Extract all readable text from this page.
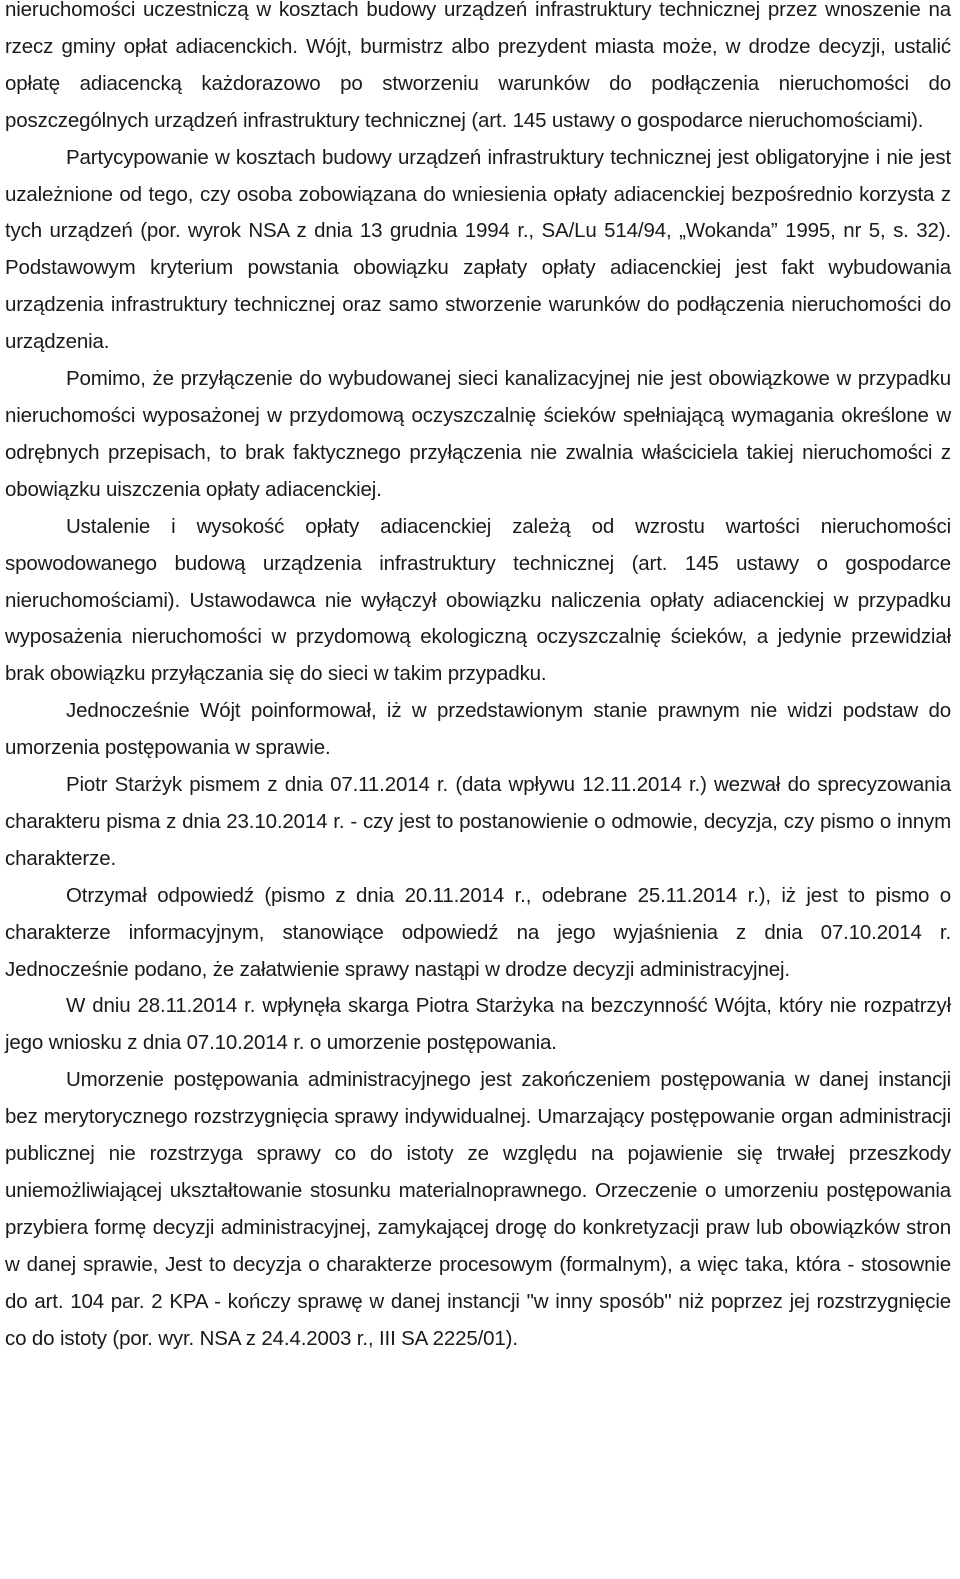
nieruchomości uczestniczą w kosztach budowy urządzeń infrastruktury technicznej przez wnoszenie na rzecz gminy opłat adiacenckich. Wójt, burmistrz albo prezydent miasta może, w drodze decyzji, ustalić opłatę adiacencką każdorazowo po stworzeniu warunków do podłączenia nieruchomości do poszczególnych urządzeń infrastruktury technicznej (art. 145 ustawy o gospodarce nieruchomościami).

Partycypowanie w kosztach budowy urządzeń infrastruktury technicznej jest obligatoryjne i nie jest uzależnione od tego, czy osoba zobowiązana do wniesienia opłaty adiacenckiej bezpośrednio korzysta z tych urządzeń (por. wyrok NSA z dnia 13 grudnia 1994 r., SA/Lu 514/94, „Wokanda” 1995, nr 5, s. 32). Podstawowym kryterium powstania obowiązku zapłaty opłaty adiacenckiej jest fakt wybudowania urządzenia infrastruktury technicznej oraz samo stworzenie warunków do podłączenia nieruchomości do urządzenia.

Pomimo, że przyłączenie do wybudowanej sieci kanalizacyjnej nie jest obowiązkowe w przypadku nieruchomości wyposażonej w przydomową oczyszczalnię ścieków spełniającą wymagania określone w odrębnych przepisach, to brak faktycznego przyłączenia nie zwalnia właściciela takiej nieruchomości z obowiązku uiszczenia opłaty adiacenckiej.

Ustalenie i wysokość opłaty adiacenckiej zależą od wzrostu wartości nieruchomości spowodowanego budową urządzenia infrastruktury technicznej (art. 145 ustawy o gospodarce nieruchomościami). Ustawodawca nie wyłączył obowiązku naliczenia opłaty adiacenckiej w przypadku wyposażenia nieruchomości w przydomową ekologiczną oczyszczalnię ścieków, a jedynie przewidział brak obowiązku przyłączania się do sieci w takim przypadku.

Jednocześnie Wójt poinformował, iż w przedstawionym stanie prawnym nie widzi podstaw do umorzenia postępowania w sprawie.

Piotr Starżyk pismem z dnia 07.11.2014 r. (data wpływu 12.11.2014 r.) wezwał do sprecyzowania charakteru pisma z dnia 23.10.2014 r. - czy jest to postanowienie o odmowie, decyzja, czy pismo o innym charakterze.

Otrzymał odpowiedź (pismo z dnia 20.11.2014 r., odebrane 25.11.2014 r.), iż jest to pismo o charakterze informacyjnym, stanowiące odpowiedź na jego wyjaśnienia z dnia 07.10.2014 r. Jednocześnie podano, że załatwienie sprawy nastąpi w drodze decyzji administracyjnej.

W dniu 28.11.2014 r. wpłynęła skarga Piotra Starżyka na bezczynność Wójta, który nie rozpatrzył jego wniosku z dnia 07.10.2014 r. o umorzenie postępowania.

Umorzenie postępowania administracyjnego jest zakończeniem postępowania w danej instancji bez merytorycznego rozstrzygnięcia sprawy indywidualnej. Umarzający postępowanie organ administracji publicznej nie rozstrzyga sprawy co do istoty ze względu na pojawienie się trwałej przeszkody uniemożliwiającej ukształtowanie stosunku materialnoprawnego. Orzeczenie o umorzeniu postępowania przybiera formę decyzji administracyjnej, zamykającej drogę do konkretyzacji praw lub obowiązków stron w danej sprawie, Jest to decyzja o charakterze procesowym (formalnym), a więc taka, która - stosownie do art. 104 par. 2 KPA - kończy sprawę w danej instancji "w inny sposób" niż poprzez jej rozstrzygnięcie co do istoty (por. wyr. NSA z 24.4.2003 r., III SA 2225/01).
